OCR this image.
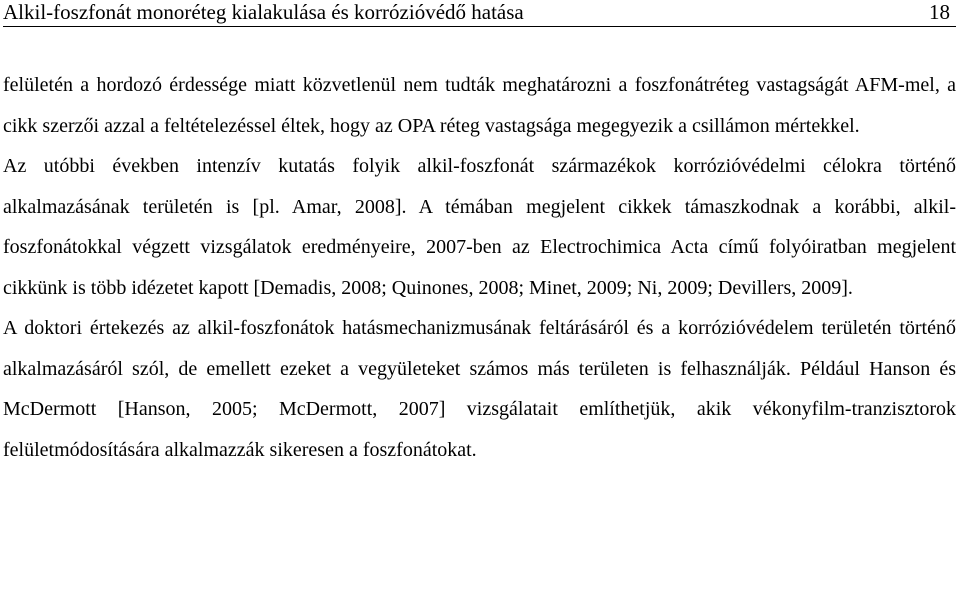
Alkil-foszfonát monoréteg kialakulása és korrózióvédő hatása	18

felületén a hordozó érdessége miatt közvetlenül nem tudták meghatározni a foszfonátréteg vastagságát AFM-mel, a cikk szerzői azzal a feltételezéssel éltek, hogy az OPA réteg vastagsága megegyezik a csillámon mértekkel.

Az utóbbi években intenzív kutatás folyik alkil-foszfonát származékok korrózióvédelmi célokra történő alkalmazásának területén is [pl. Amar, 2008]. A témában megjelent cikkek támaszkodnak a korábbi, alkil-foszfonátokkal végzett vizsgálatok eredményeire, 2007-ben az Electrochimica Acta című folyóiratban megjelent cikkünk is több idézetet kapott [Demadis, 2008; Quinones, 2008; Minet, 2009; Ni, 2009; Devillers, 2009].

A doktori értekezés az alkil-foszfonátok hatásmechanizmusának feltárásáról és a korrózióvédelem területén történő alkalmazásáról szól, de emellett ezeket a vegyületeket számos más területen is felhasználják. Például Hanson és McDermott [Hanson, 2005; McDermott, 2007] vizsgálatait említhetjük, akik vékonyfilm-tranzisztorok felületmódosítására alkalmazzák sikeresen a foszfonátokat.
